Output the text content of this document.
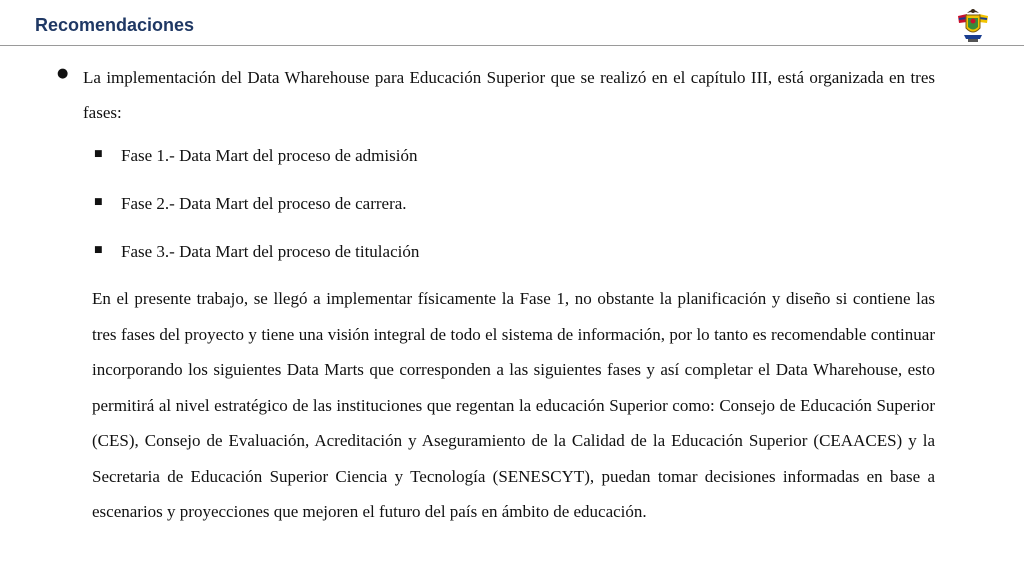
Recomendaciones
● La implementación del Data Wharehouse para Educación Superior que se realizó en el capítulo III, está organizada en tres fases:

■ Fase 1.- Data Mart del proceso de admisión

■ Fase 2.- Data Mart del proceso de carrera.

■ Fase 3.- Data Mart del proceso de titulación

En el presente trabajo, se llegó a implementar físicamente la Fase 1, no obstante la planificación y diseño si contiene las tres fases del proyecto y tiene una visión integral de todo el sistema de información, por lo tanto es recomendable continuar incorporando los siguientes Data Marts que corresponden a las siguientes fases y así completar el Data Wharehouse, esto permitirá al nivel estratégico de las instituciones que regentan la educación Superior como: Consejo de Educación Superior (CES), Consejo de Evaluación, Acreditación y Aseguramiento de la Calidad de la Educación Superior (CEAACES) y la Secretaria de Educación Superior Ciencia y Tecnología (SENESCYT), puedan tomar decisiones informadas en base a escenarios y proyecciones que mejoren el futuro del país en ámbito de educación.
